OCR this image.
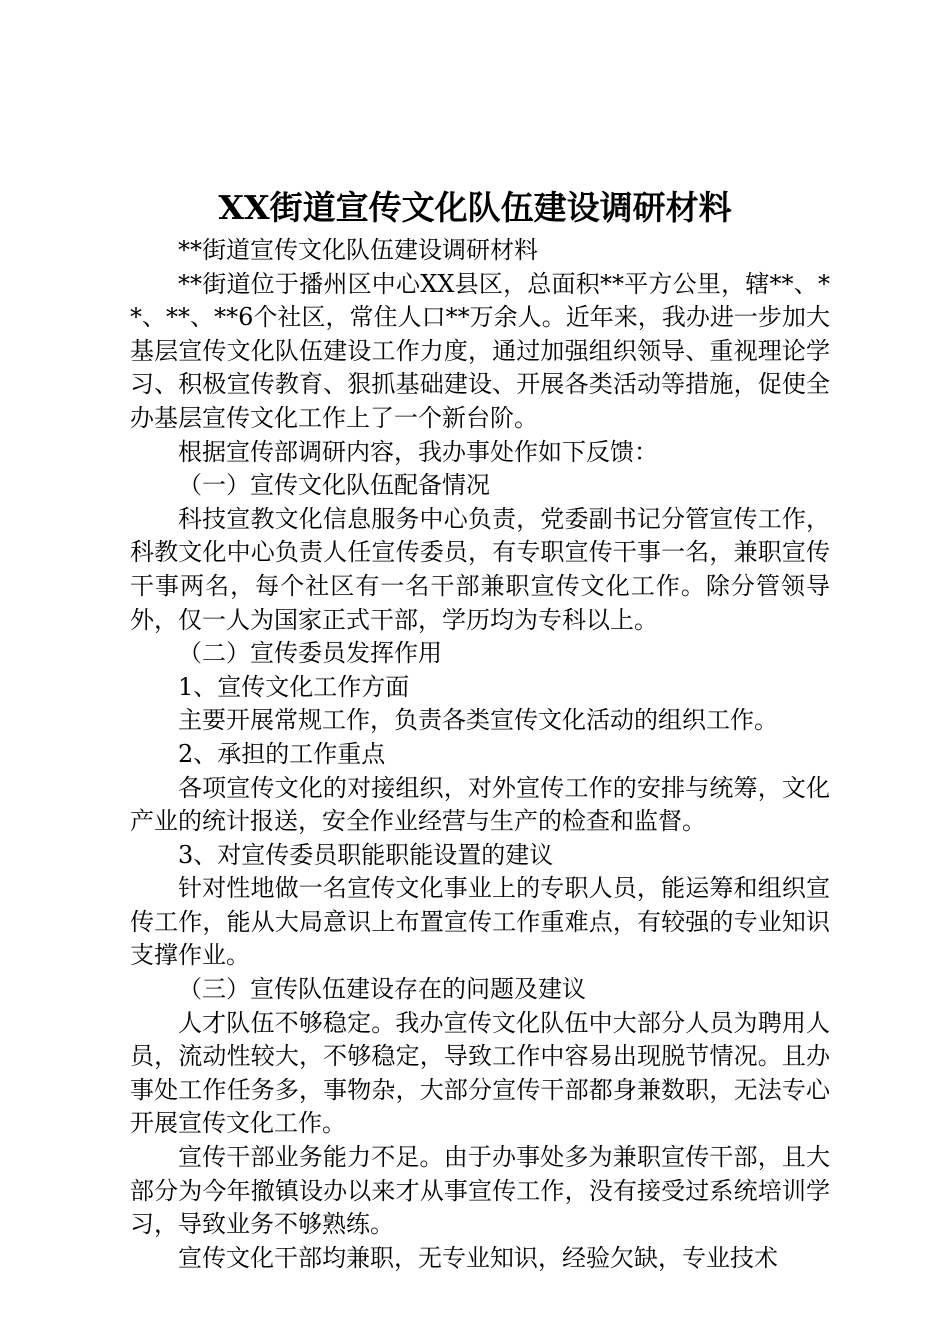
XX街道宣传文化队伍建设调研材料

**街道宣传文化队伍建设调研材料

**街道位于播州区中心XX县区，总面积**平方公里，辖**、**、**、**6个社区，常住人口**万余人。近年来，我办进一步加大基层宣传文化队伍建设工作力度，通过加强组织领导、重视理论学习、积极宣传教育、狠抓基础建设、开展各类活动等措施，促使全办基层宣传文化工作上了一个新台阶。

根据宣传部调研内容，我办事处作如下反馈：

（一）宣传文化队伍配备情况

科技宣教文化信息服务中心负责，党委副书记分管宣传工作，科教文化中心负责人任宣传委员，有专职宣传干事一名，兼职宣传干事两名，每个社区有一名干部兼职宣传文化工作。除分管领导外，仅一人为国家正式干部，学历均为专科以上。

（二）宣传委员发挥作用

1、宣传文化工作方面

主要开展常规工作，负责各类宣传文化活动的组织工作。

2、承担的工作重点

各项宣传文化的对接组织，对外宣传工作的安排与统筹，文化产业的统计报送，安全作业经营与生产的检查和监督。

3、对宣传委员职能职能设置的建议

针对性地做一名宣传文化事业上的专职人员，能运筹和组织宣传工作，能从大局意识上布置宣传工作重难点，有较强的专业知识支撑作业。

（三）宣传队伍建设存在的问题及建议

人才队伍不够稳定。我办宣传文化队伍中大部分人员为聘用人员，流动性较大，不够稳定，导致工作中容易出现脱节情况。且办事处工作任务多，事物杂，大部分宣传干部都身兼数职，无法专心开展宣传文化工作。

宣传干部业务能力不足。由于办事处多为兼职宣传干部，且大部分为今年撤镇设办以来才从事宣传工作，没有接受过系统培训学习，导致业务不够熟练。

宣传文化干部均兼职，无专业知识，经验欠缺，专业技术
